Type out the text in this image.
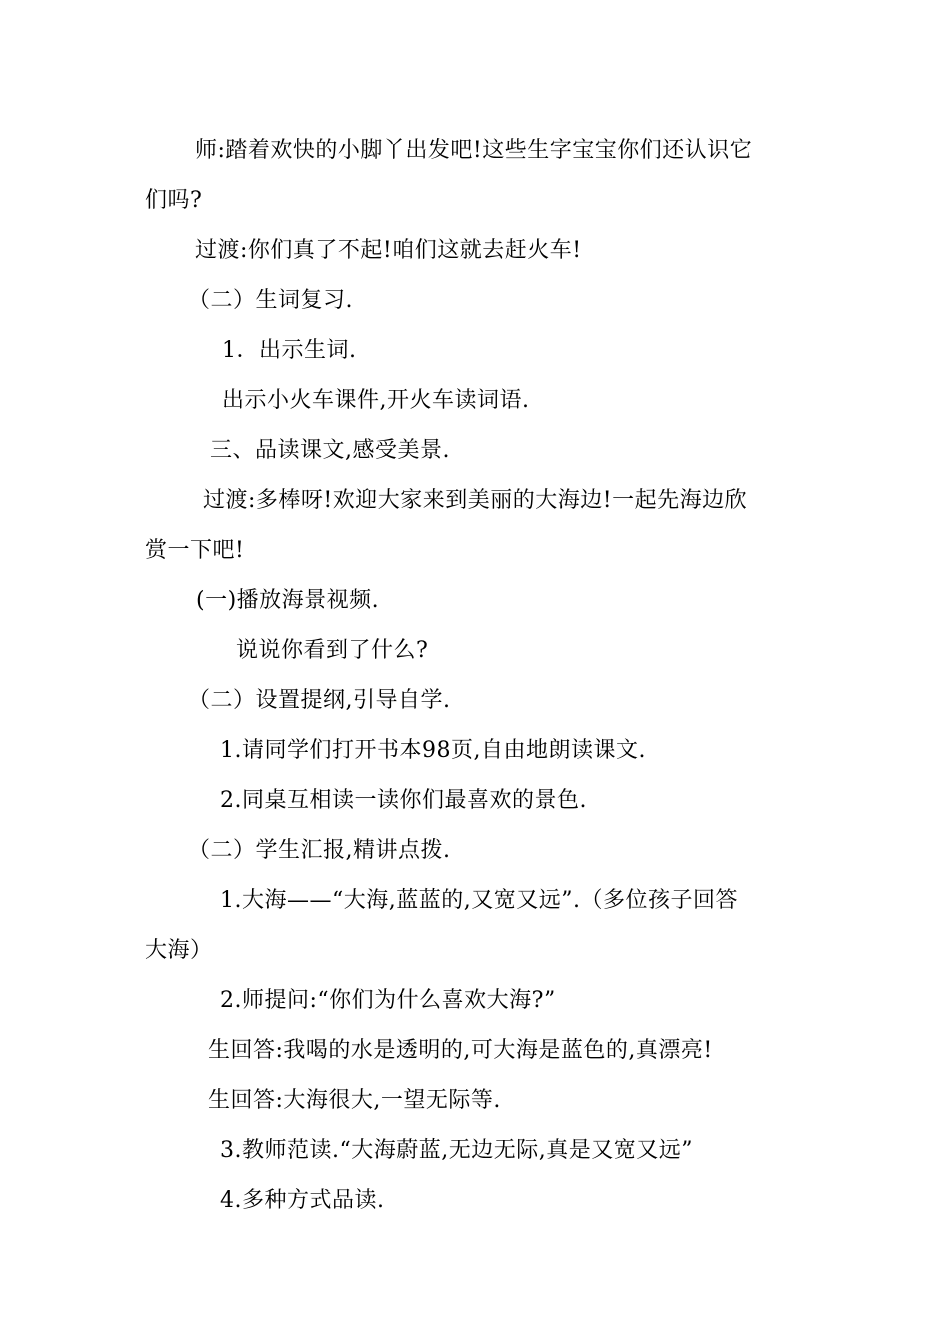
师:踏着欢快的小脚丫出发吧!这些生字宝宝你们还认识它
们吗?
过渡:你们真了不起!咱们这就去赶火车!
（二）生词复习.
1．出示生词.
出示小火车课件,开火车读词语.
三、品读课文,感受美景.
过渡:多棒呀!欢迎大家来到美丽的大海边!一起先海边欣
赏一下吧!
(一)播放海景视频.
说说你看到了什么?
（二）设置提纲,引导自学.
1.请同学们打开书本98页,自由地朗读课文.
2.同桌互相读一读你们最喜欢的景色.
（二）学生汇报,精讲点拨.
1.大海——“大海,蓝蓝的,又宽又远”.（多位孩子回答
大海）
2.师提问:“你们为什么喜欢大海?”
生回答:我喝的水是透明的,可大海是蓝色的,真漂亮!
生回答:大海很大,一望无际等.
3.教师范读.“大海蔚蓝,无边无际,真是又宽又远”
4.多种方式品读.
